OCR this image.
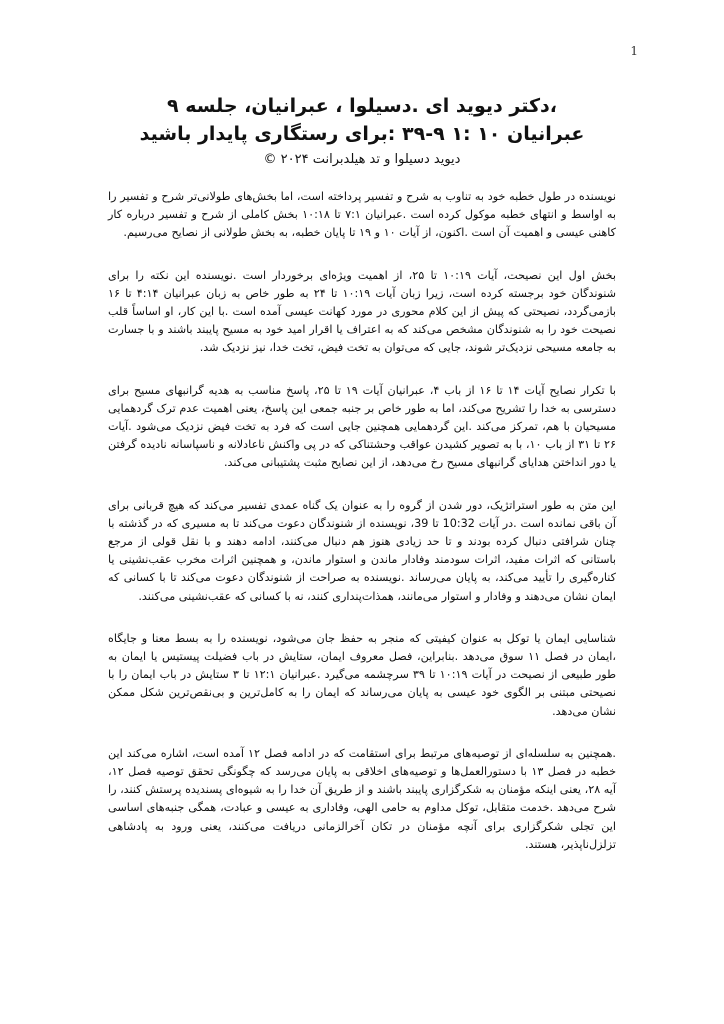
1
،دکتر دیوید ای .دسیلوا ، عبرانیان، جلسه ۹
عبرانیان ۱۰ :۱ ۹-۳۹ :برای رستگاری پایدار باشید
دیوید دسیلوا و تد هیلدبرانت ۲۰۲۴ ©

نویسنده در طول خطبه خود به تناوب به شرح و تفسیر پرداخته است، اما بخش‌های طولانی‌تر شرح و تفسیر را به اواسط و انتهای خطبه موکول کرده است .عبرانیان ۷:۱ تا ۱۰:۱۸ بخش کاملی از شرح و تفسیر درباره کار کاهنی عیسی و اهمیت آن است .اکنون، از آیات ۱۰ و ۱۹ تا پایان خطبه، به بخش طولانی از نصایح می‌رسیم.

بخش اول این نصیحت، آیات ۱۰:۱۹ تا ۲۵، از اهمیت ویژه‌ای برخوردار است .نویسنده این نکته را برای شنوندگان خود برجسته کرده است، زیرا زبان آیات ۱۰:۱۹ تا ۲۴ به طور خاص به زبان عبرانیان ۴:۱۴ تا ۱۶ بازمی‌گردد، نصیحتی که پیش از این کلام محوری در مورد کهانت عیسی آمده است .با این کار، او اساساً قلب نصیحت خود را به شنوندگان مشخص می‌کند که به اعتراف یا اقرار امید خود به مسیح پایبند باشند و با جسارت به جامعه مسیحی نزدیک‌تر شوند، جایی که می‌توان به تخت فیض، تخت خدا، نیز نزدیک شد.

با تکرار نصایح آیات ۱۴ تا ۱۶ از باب ۴، عبرانیان آیات ۱۹ تا ۲۵، پاسخ مناسب به هدیه گرانبهای مسیح برای دسترسی به خدا را تشریح می‌کند، اما به طور خاص بر جنبه جمعی این پاسخ، یعنی اهمیت عدم ترک گردهمایی مسیحیان با هم، تمرکز می‌کند .این گردهمایی همچنین جایی است که فرد به تخت فیض نزدیک می‌شود .آیات ۲۶ تا ۳۱ از باب ۱۰، با به تصویر کشیدن عواقب وحشتناکی که در پی واکنش ناعادلانه و ناسپاسانه نادیده گرفتن یا دور انداختن هدایای گرانبهای مسیح رخ می‌دهد، از این نصایح مثبت پشتیبانی می‌کند.

این متن به طور استراتژیک، دور شدن از گروه را به عنوان یک گناه عمدی تفسیر می‌کند که هیچ قربانی برای آن باقی نمانده است .در آیات 10:32 تا 39، نویسنده از شنوندگان دعوت می‌کند تا به مسیری که در گذشته با چنان شرافتی دنبال کرده بودند و تا حد زیادی هنوز هم دنبال می‌کنند، ادامه دهند و با نقل قولی از مرجع باستانی که اثرات مفید، اثرات سودمند وفادار ماندن و استوار ماندن، و همچنین اثرات مخرب عقب‌نشینی یا کناره‌گیری را تأیید می‌کند، به پایان می‌رساند .نویسنده به صراحت از شنوندگان دعوت می‌کند تا با کسانی که ایمان نشان می‌دهند و وفادار و استوار می‌مانند، همذات‌پنداری کنند، نه با کسانی که عقب‌نشینی می‌کنند.

شناسایی ایمان یا توکل به عنوان کیفیتی که منجر به حفظ جان می‌شود، نویسنده را به بسط معنا و جایگاه ،ایمان در فصل ۱۱ سوق می‌دهد .بنابراین، فصل معروف ایمان، ستایش در باب فضیلت پیستیس یا ایمان به طور طبیعی از نصیحت در آیات ۱۰:۱۹ تا ۳۹ سرچشمه می‌گیرد .عبرانیان ۱۲:۱ تا ۳ ستایش در باب ایمان را با نصیحتی مبتنی بر الگوی خود عیسی به پایان می‌رساند که ایمان را به کامل‌ترین و بی‌نقص‌ترین شکل ممکن نشان می‌دهد.

.همچنین به سلسله‌ای از توصیه‌های مرتبط برای استقامت که در ادامه فصل ۱۲ آمده است، اشاره می‌کند این خطبه در فصل ۱۳ با دستورالعمل‌ها و توصیه‌های اخلاقی به پایان می‌رسد که چگونگی تحقق توصیه فصل ۱۲، آیه ۲۸، یعنی اینکه مؤمنان به شکرگزاری پایبند باشند و از طریق آن خدا را به شیوه‌ای پسندیده پرستش کنند، را شرح می‌دهد .خدمت متقابل، توکل مداوم به حامی الهی، وفاداری به عیسی و عبادت، همگی جنبه‌های اساسی این تجلی شکرگزاری برای آنچه مؤمنان در تکان آخرالزمانی دریافت می‌کنند، یعنی ورود به پادشاهی تزلزل‌ناپذیر، هستند.
